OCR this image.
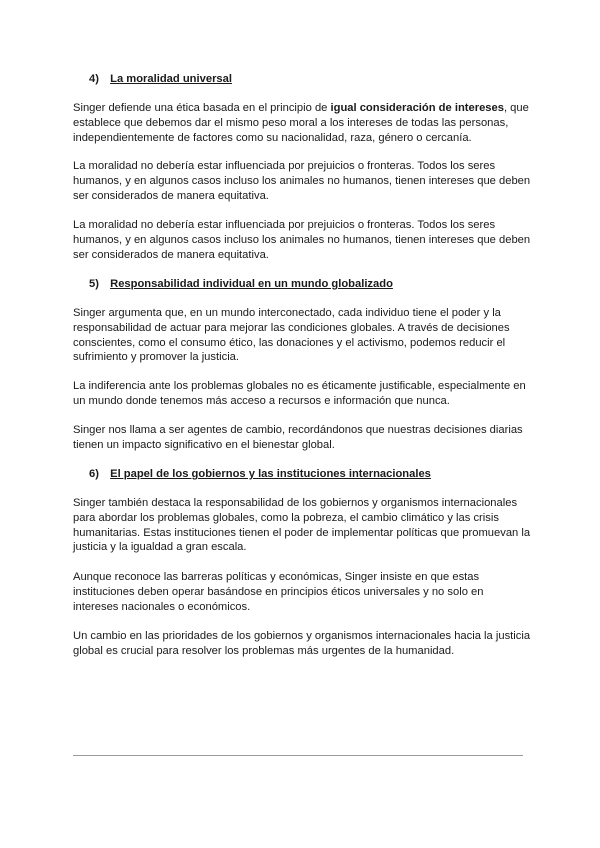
4) La moralidad universal

Singer defiende una ética basada en el principio de igual consideración de intereses, que establece que debemos dar el mismo peso moral a los intereses de todas las personas, independientemente de factores como su nacionalidad, raza, género o cercanía.

La moralidad no debería estar influenciada por prejuicios o fronteras. Todos los seres humanos, y en algunos casos incluso los animales no humanos, tienen intereses que deben ser considerados de manera equitativa.

La moralidad no debería estar influenciada por prejuicios o fronteras. Todos los seres humanos, y en algunos casos incluso los animales no humanos, tienen intereses que deben ser considerados de manera equitativa.

5) Responsabilidad individual en un mundo globalizado

Singer argumenta que, en un mundo interconectado, cada individuo tiene el poder y la responsabilidad de actuar para mejorar las condiciones globales. A través de decisiones conscientes, como el consumo ético, las donaciones y el activismo, podemos reducir el sufrimiento y promover la justicia.

La indiferencia ante los problemas globales no es éticamente justificable, especialmente en un mundo donde tenemos más acceso a recursos e información que nunca.

Singer nos llama a ser agentes de cambio, recordándonos que nuestras decisiones diarias tienen un impacto significativo en el bienestar global.

6) El papel de los gobiernos y las instituciones internacionales

Singer también destaca la responsabilidad de los gobiernos y organismos internacionales para abordar los problemas globales, como la pobreza, el cambio climático y las crisis humanitarias. Estas instituciones tienen el poder de implementar políticas que promuevan la justicia y la igualdad a gran escala.

Aunque reconoce las barreras políticas y económicas, Singer insiste en que estas instituciones deben operar basándose en principios éticos universales y no solo en intereses nacionales o económicos.

Un cambio en las prioridades de los gobiernos y organismos internacionales hacia la justicia global es crucial para resolver los problemas más urgentes de la humanidad.
